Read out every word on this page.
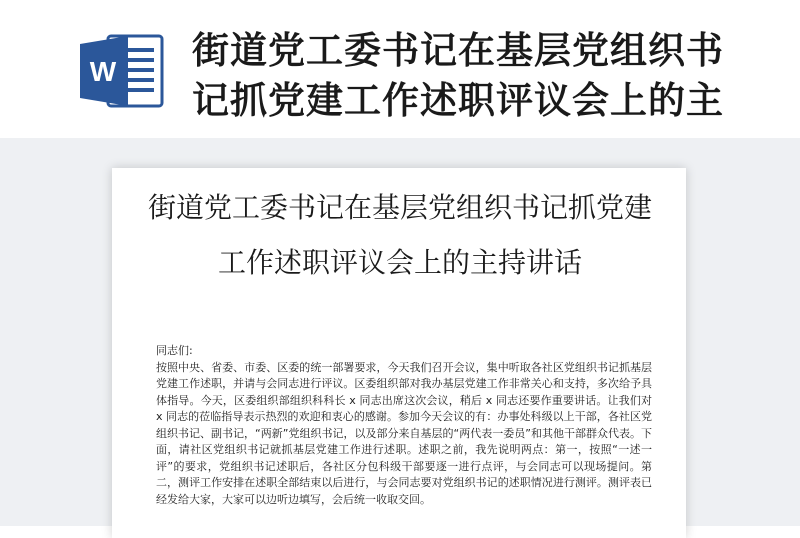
W 街道党工委书记在基层党组织书记抓党建工作述职评议会上的主
街道党工委书记在基层党组织书记抓党建工作述职评议会上的主持讲话

同志们:

按照中央、省委、市委、区委的统一部署要求，今天我们召开会议，集中听取各社区党组织书记抓基层党建工作述职，并请与会同志进行评议。区委组织部对我办基层党建工作非常关心和支持，多次给予具体指导。今天，区委组织部组织科科长 x 同志出席这次会议，稍后 x 同志还要作重要讲话。让我们对 x 同志的莅临指导表示热烈的欢迎和衷心的感谢。参加今天会议的有：办事处科级以上干部，各社区党组织书记、副书记，“两新”党组织书记，以及部分来自基层的“两代表一委员”和其他干部群众代表。下面，请社区党组织书记就抓基层党建工作进行述职。述职之前，我先说明两点：第一，按照“一述一评”的要求，党组织书记述职后，各社区分包科级干部要逐一进行点评，与会同志可以现场提问。第二，测评工作安排在述职全部结束以后进行，与会同志要对党组织书记的述职情况进行测评。测评表已经发给大家，大家可以边听边填写，会后统一收取交回。
